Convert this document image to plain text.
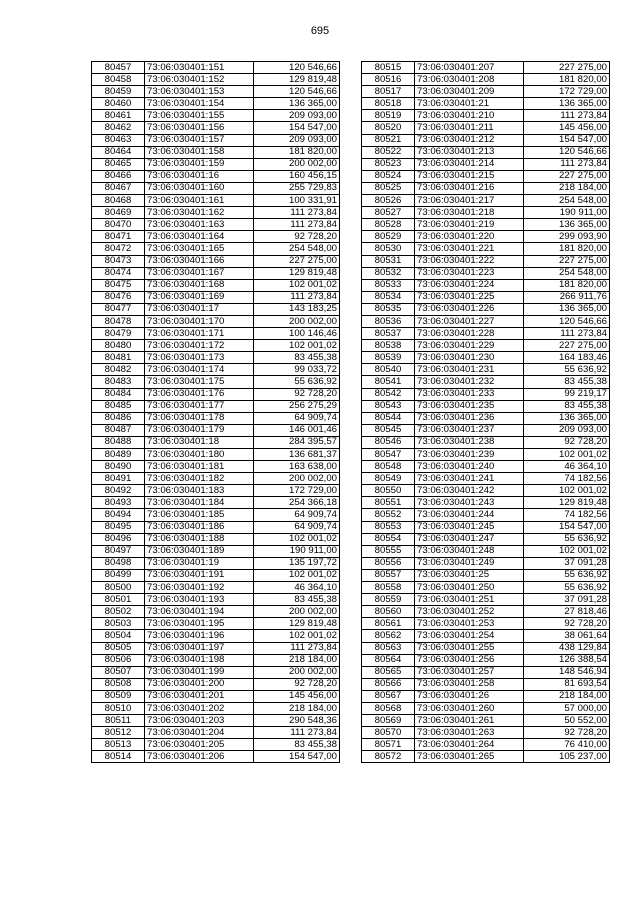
695
80457	73:06:030401:151	120 546,66
80458	73:06:030401:152	129 819,48
80459	73:06:030401:153	120 546,66
80460	73:06:030401:154	136 365,00
80461	73:06:030401:155	209 093,00
80462	73:06:030401:156	154 547,00
80463	73:06:030401:157	209 093,00
80464	73:06:030401:158	181 820,00
80465	73:06:030401:159	200 002,00
80466	73:06:030401:16	160 456,15
80467	73:06:030401:160	255 729,83
80468	73:06:030401:161	100 331,91
80469	73:06:030401:162	111 273,84
80470	73:06:030401:163	111 273,84
80471	73:06:030401:164	92 728,20
80472	73:06:030401:165	254 548,00
80473	73:06:030401:166	227 275,00
80474	73:06:030401:167	129 819,48
80475	73:06:030401:168	102 001,02
80476	73:06:030401:169	111 273,84
80477	73:06:030401:17	143 183,25
80478	73:06:030401:170	200 002,00
80479	73:06:030401:171	100 146,46
80480	73:06:030401:172	102 001,02
80481	73:06:030401:173	83 455,38
80482	73:06:030401:174	99 033,72
80483	73:06:030401:175	55 636,92
80484	73:06:030401:176	92 728,20
80485	73:06:030401:177	256 275,29
80486	73:06:030401:178	64 909,74
80487	73:06:030401:179	146 001,46
80488	73:06:030401:18	284 395,57
80489	73:06:030401:180	136 681,37
80490	73:06:030401:181	163 638,00
80491	73:06:030401:182	200 002,00
80492	73:06:030401:183	172 729,00
80493	73:06:030401:184	254 366,18
80494	73:06:030401:185	64 909,74
80495	73:06:030401:186	64 909,74
80496	73:06:030401:188	102 001,02
80497	73:06:030401:189	190 911,00
80498	73:06:030401:19	135 197,72
80499	73:06:030401:191	102 001,02
80500	73:06:030401:192	46 364,10
80501	73:06:030401:193	83 455,38
80502	73:06:030401:194	200 002,00
80503	73:06:030401:195	129 819,48
80504	73:06:030401:196	102 001,02
80505	73:06:030401:197	111 273,84
80506	73:06:030401:198	218 184,00
80507	73:06:030401:199	200 002,00
80508	73:06:030401:200	92 728,20
80509	73:06:030401:201	145 456,00
80510	73:06:030401:202	218 184,00
80511	73:06:030401:203	290 548,36
80512	73:06:030401:204	111 273,84
80513	73:06:030401:205	83 455,38
80514	73:06:030401:206	154 547,00
80515	73:06:030401:207	227 275,00
80516	73:06:030401:208	181 820,00
80517	73:06:030401:209	172 729,00
80518	73:06:030401:21	136 365,00
80519	73:06:030401:210	111 273,84
80520	73:06:030401:211	145 456,00
80521	73:06:030401:212	154 547,00
80522	73:06:030401:213	120 546,66
80523	73:06:030401:214	111 273,84
80524	73:06:030401:215	227 275,00
80525	73:06:030401:216	218 184,00
80526	73:06:030401:217	254 548,00
80527	73:06:030401:218	190 911,00
80528	73:06:030401:219	136 365,00
80529	73:06:030401:220	299 093,90
80530	73:06:030401:221	181 820,00
80531	73:06:030401:222	227 275,00
80532	73:06:030401:223	254 548,00
80533	73:06:030401:224	181 820,00
80534	73:06:030401:225	266 911,76
80535	73:06:030401:226	136 365,00
80536	73:06:030401:227	120 546,66
80537	73:06:030401:228	111 273,84
80538	73:06:030401:229	227 275,00
80539	73:06:030401:230	164 183,46
80540	73:06:030401:231	55 636,92
80541	73:06:030401:232	83 455,38
80542	73:06:030401:233	99 219,17
80543	73:06:030401:235	83 455,38
80544	73:06:030401:236	136 365,00
80545	73:06:030401:237	209 093,00
80546	73:06:030401:238	92 728,20
80547	73:06:030401:239	102 001,02
80548	73:06:030401:240	46 364,10
80549	73:06:030401:241	74 182,56
80550	73:06:030401:242	102 001,02
80551	73:06:030401:243	129 819,48
80552	73:06:030401:244	74 182,56
80553	73:06:030401:245	154 547,00
80554	73:06:030401:247	55 636,92
80555	73:06:030401:248	102 001,02
80556	73:06:030401:249	37 091,28
80557	73:06:030401:25	55 636,92
80558	73:06:030401:250	55 636,92
80559	73:06:030401:251	37 091,28
80560	73:06:030401:252	27 818,46
80561	73:06:030401:253	92 728,20
80562	73:06:030401:254	38 061,64
80563	73:06:030401:255	438 129,84
80564	73:06:030401:256	126 388,54
80565	73:06:030401:257	148 546,94
80566	73:06:030401:258	81 693,54
80567	73:06:030401:26	218 184,00
80568	73:06:030401:260	57 000,00
80569	73:06:030401:261	50 552,00
80570	73:06:030401:263	92 728,20
80571	73:06:030401:264	76 410,00
80572	73:06:030401:265	105 237,00
